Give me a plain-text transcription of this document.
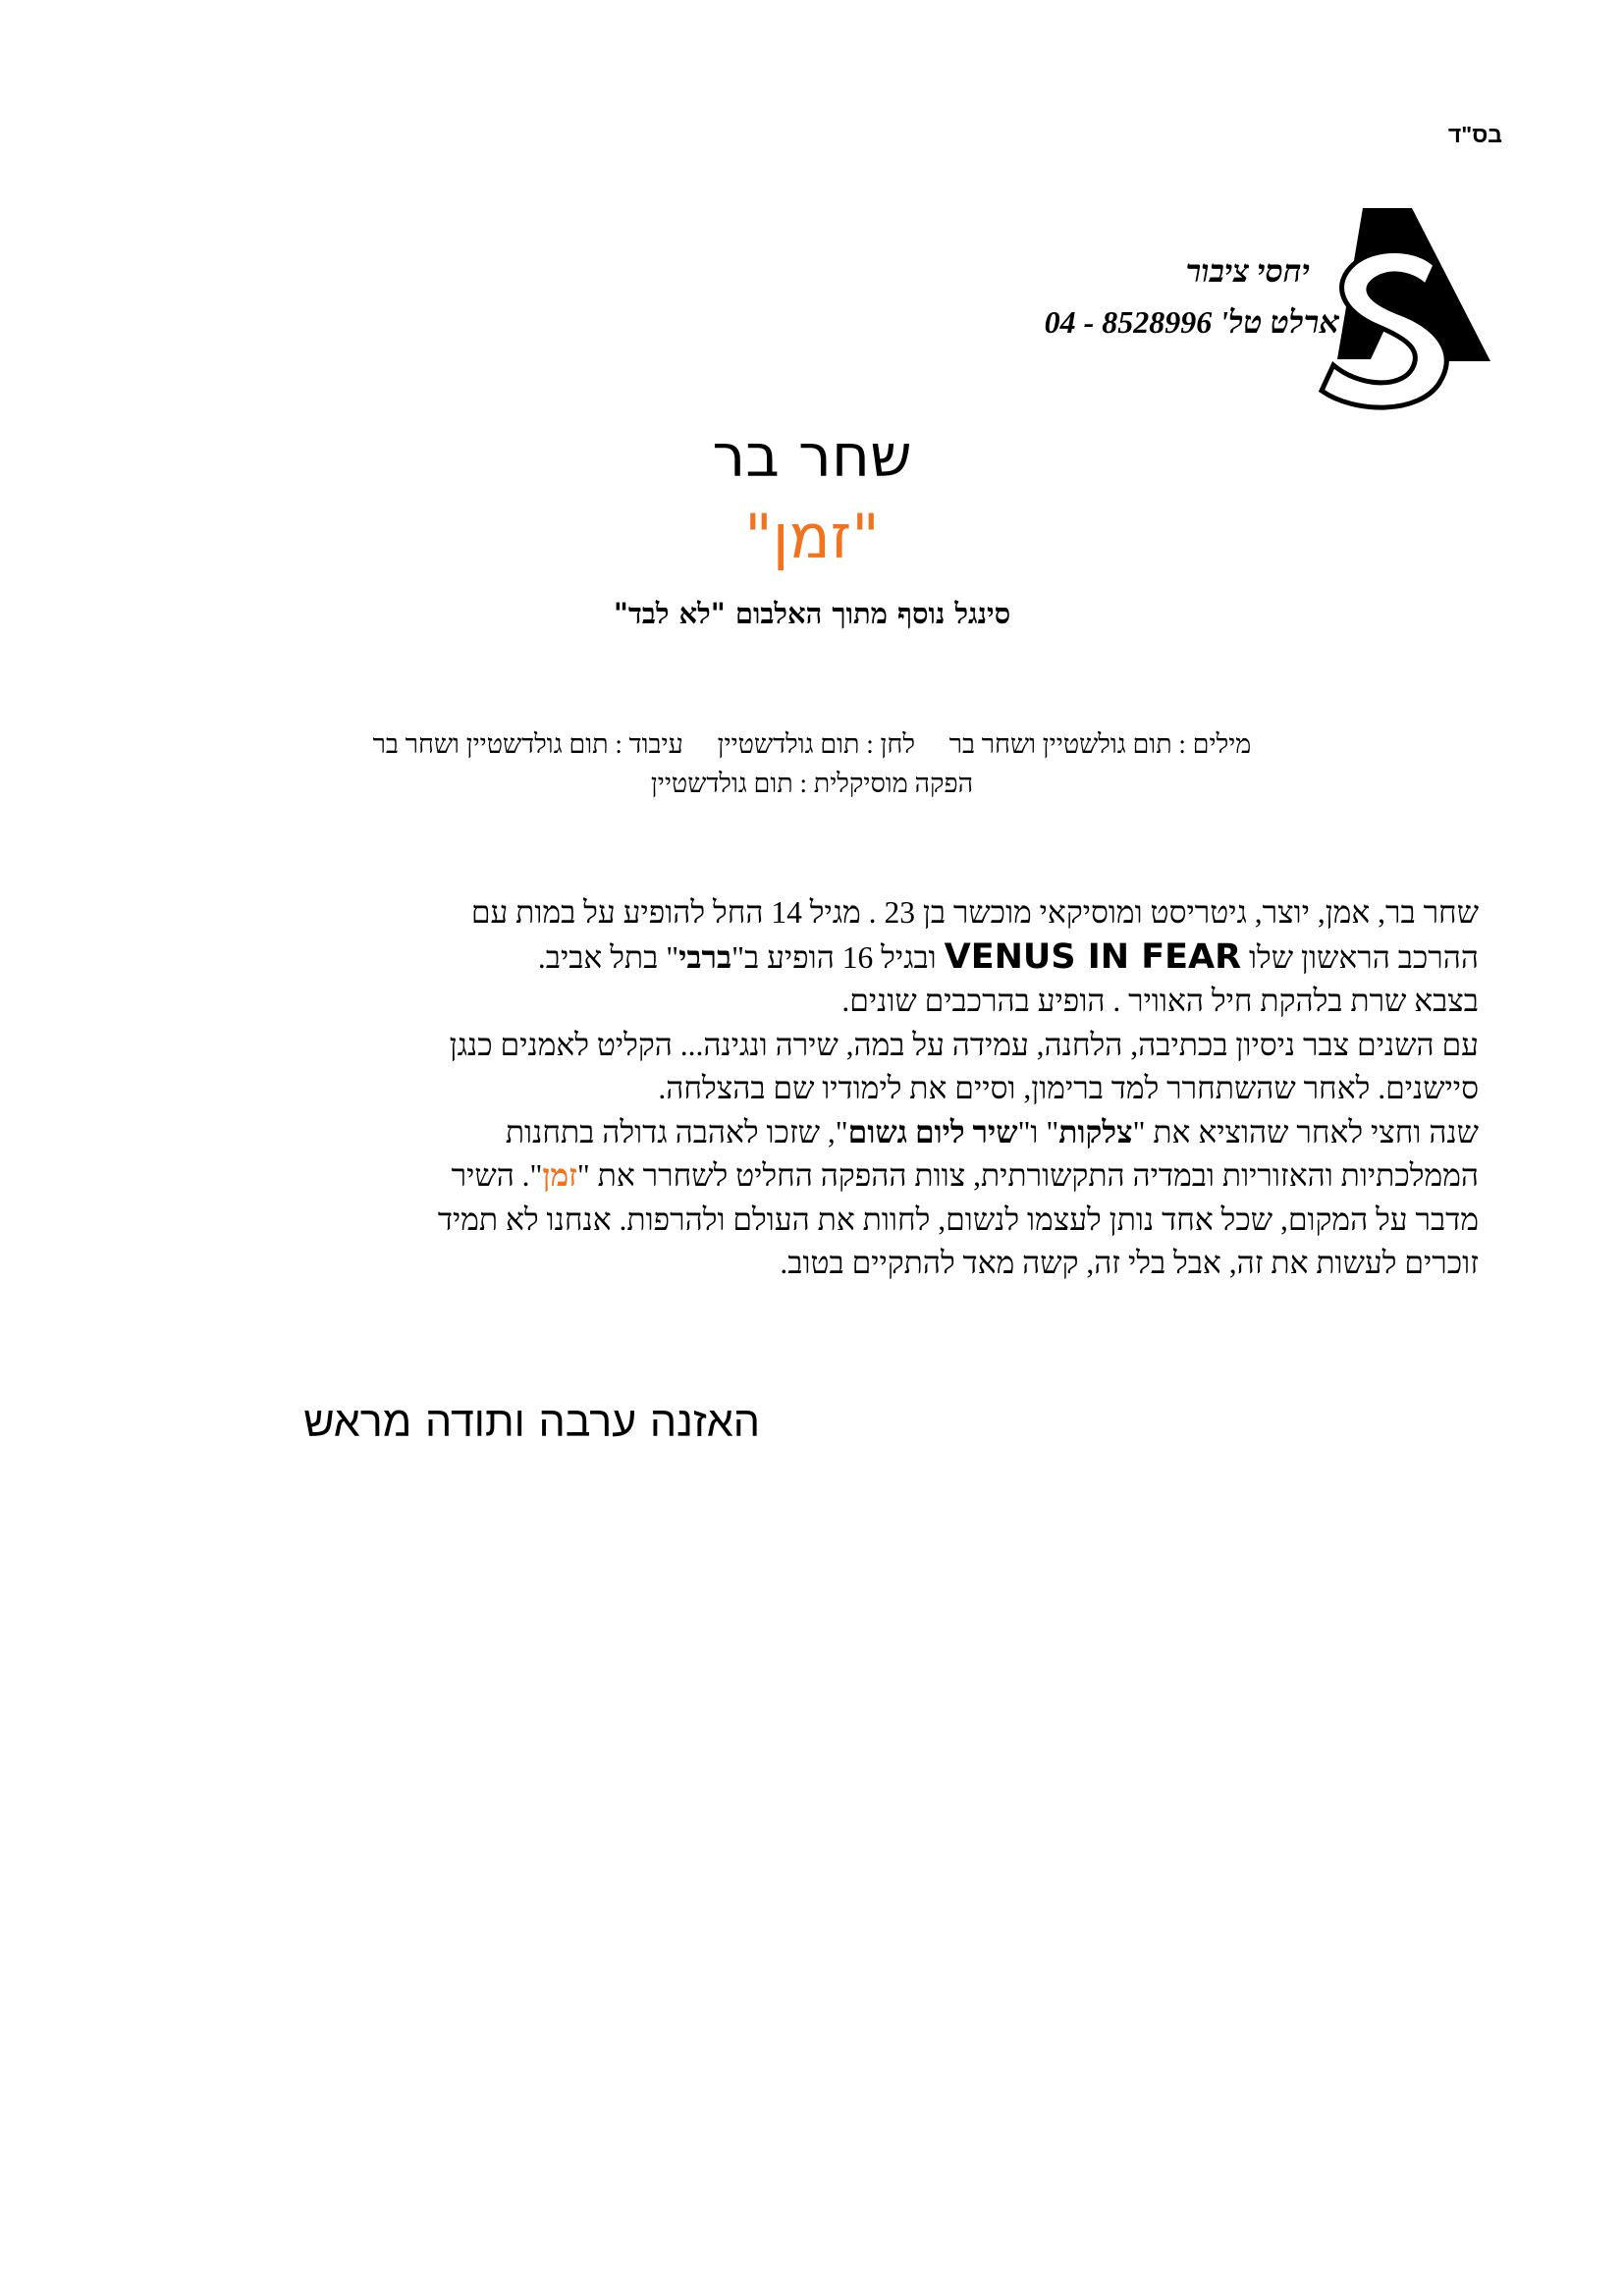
בס"ד
יחסי ציבור
ארלט טל' 8528996 - 04
שחר בר
"זמן"
סינגל נוסף מתוך האלבום "לא לבד"
מילים : תום גולשטיין ושחר בר לחן : תום גולדשטיין עיבוד : תום גולדשטיין ושחר בר
הפקה מוסיקלית : תום גולדשטיין

שחר בר, אמן, יוצר, גיטריסט ומוסיקאי מוכשר בן 23 . מגיל 14 החל להופיע על במות עם

ההרכב הראשון שלו VENUS IN FEAR ובגיל 16 הופיע ב"ברבי" בתל אביב.

בצבא שרת בלהקת חיל האוויר . הופיע בהרכבים שונים.

עם השנים צבר ניסיון בכתיבה, הלחנה, עמידה על במה, שירה ונגינה... הקליט לאמנים כנגן

סיישנים. לאחר שהשתחרר למד ברימון, וסיים את לימודיו שם בהצלחה.

שנה וחצי לאחר שהוציא את "צלקות" ו"שיר ליום גשום", שזכו לאהבה גדולה בתחנות

הממלכתיות והאזוריות ובמדיה התקשורתית, צוות ההפקה החליט לשחרר את "זמן". השיר

מדבר על המקום, שכל אחד נותן לעצמו לנשום, לחוות את העולם ולהרפות. אנחנו לא תמיד

זוכרים לעשות את זה, אבל בלי זה, קשה מאד להתקיים בטוב.

האזנה ערבה ותודה מראש
